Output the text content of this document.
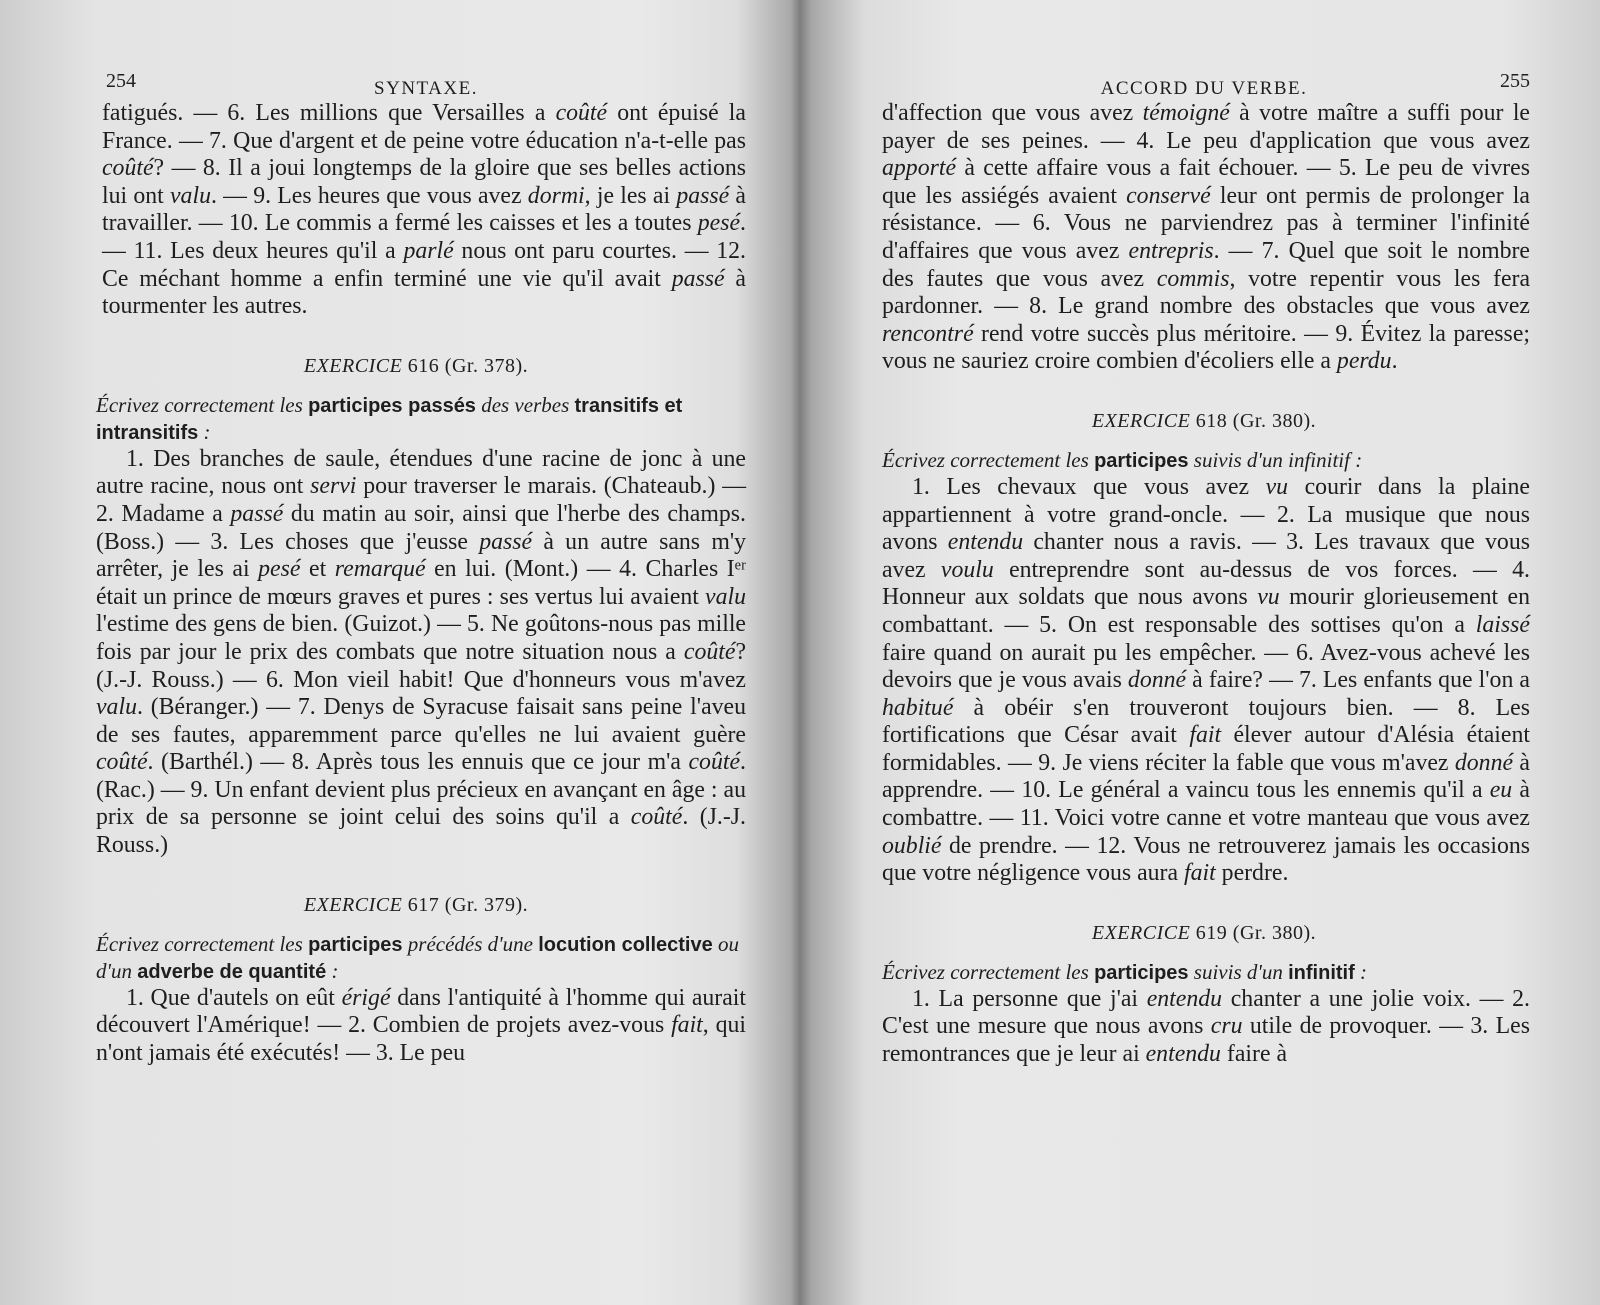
254	SYNTAXE.

fatigués. — 6. Les millions que Versailles a coûté ont épuisé la France. — 7. Que d'argent et de peine votre éducation n'a-t-elle pas coûté? — 8. Il a joui longtemps de la gloire que ses belles actions lui ont valu. — 9. Les heures que vous avez dormi, je les ai passé à travailler. — 10. Le commis a fermé les caisses et les a toutes pesé. — 11. Les deux heures qu'il a parlé nous ont paru courtes. — 12. Ce méchant homme a enfin terminé une vie qu'il avait passé à tourmenter les autres.

EXERCICE 616 (Gr. 378).

Écrivez correctement les participes passés des verbes transitifs et intransitifs :

1. Des branches de saule, étendues d'une racine de jonc à une autre racine, nous ont servi pour traverser le marais. (Chateaub.) — 2. Madame a passé du matin au soir, ainsi que l'herbe des champs. (Boss.) — 3. Les choses que j'eusse passé à un autre sans m'y arrêter, je les ai pesé et remarqué en lui. (Mont.) — 4. Charles Iᵉʳ était un prince de mœurs graves et pures : ses vertus lui avaient valu l'estime des gens de bien. (Guizot.) — 5. Ne goûtons-nous pas mille fois par jour le prix des combats que notre situation nous a coûté? (J.-J. Rouss.) — 6. Mon vieil habit! Que d'honneurs vous m'avez valu. (Béranger.) — 7. Denys de Syracuse faisait sans peine l'aveu de ses fautes, apparemment parce qu'elles ne lui avaient guère coûté. (Barthél.) — 8. Après tous les ennuis que ce jour m'a coûté. (Rac.) — 9. Un enfant devient plus précieux en avançant en âge : au prix de sa personne se joint celui des soins qu'il a coûté. (J.-J. Rouss.)

EXERCICE 617 (Gr. 379).

Écrivez correctement les participes précédés d'une locution collective ou d'un adverbe de quantité :

1. Que d'autels on eût érigé dans l'antiquité à l'homme qui aurait découvert l'Amérique! — 2. Combien de projets avez-vous fait, qui n'ont jamais été exécutés! — 3. Le peu

ACCORD DU VERBE.	255

d'affection que vous avez témoigné à votre maître a suffi pour le payer de ses peines. — 4. Le peu d'application que vous avez apporté à cette affaire vous a fait échouer. — 5. Le peu de vivres que les assiégés avaient conservé leur ont permis de prolonger la résistance. — 6. Vous ne parviendrez pas à terminer l'infinité d'affaires que vous avez entrepris. — 7. Quel que soit le nombre des fautes que vous avez commis, votre repentir vous les fera pardonner. — 8. Le grand nombre des obstacles que vous avez rencontré rend votre succès plus méritoire. — 9. Évitez la paresse; vous ne sauriez croire combien d'écoliers elle a perdu.

EXERCICE 618 (Gr. 380).

Écrivez correctement les participes suivis d'un infinitif :

1. Les chevaux que vous avez vu courir dans la plaine appartiennent à votre grand-oncle. — 2. La musique que nous avons entendu chanter nous a ravis. — 3. Les travaux que vous avez voulu entreprendre sont au-dessus de vos forces. — 4. Honneur aux soldats que nous avons vu mourir glorieusement en combattant. — 5. On est responsable des sottises qu'on a laissé faire quand on aurait pu les empêcher. — 6. Avez-vous achevé les devoirs que je vous avais donné à faire? — 7. Les enfants que l'on a habitué à obéir s'en trouveront toujours bien. — 8. Les fortifications que César avait fait élever autour d'Alésia étaient formidables. — 9. Je viens réciter la fable que vous m'avez donné à apprendre. — 10. Le général a vaincu tous les ennemis qu'il a eu à combattre. — 11. Voici votre canne et votre manteau que vous avez oublié de prendre. — 12. Vous ne retrouverez jamais les occasions que votre négligence vous aura fait perdre.

EXERCICE 619 (Gr. 380).

Écrivez correctement les participes suivis d'un infinitif :

1. La personne que j'ai entendu chanter a une jolie voix. — 2. C'est une mesure que nous avons cru utile de provoquer. — 3. Les remontrances que je leur ai entendu faire à
